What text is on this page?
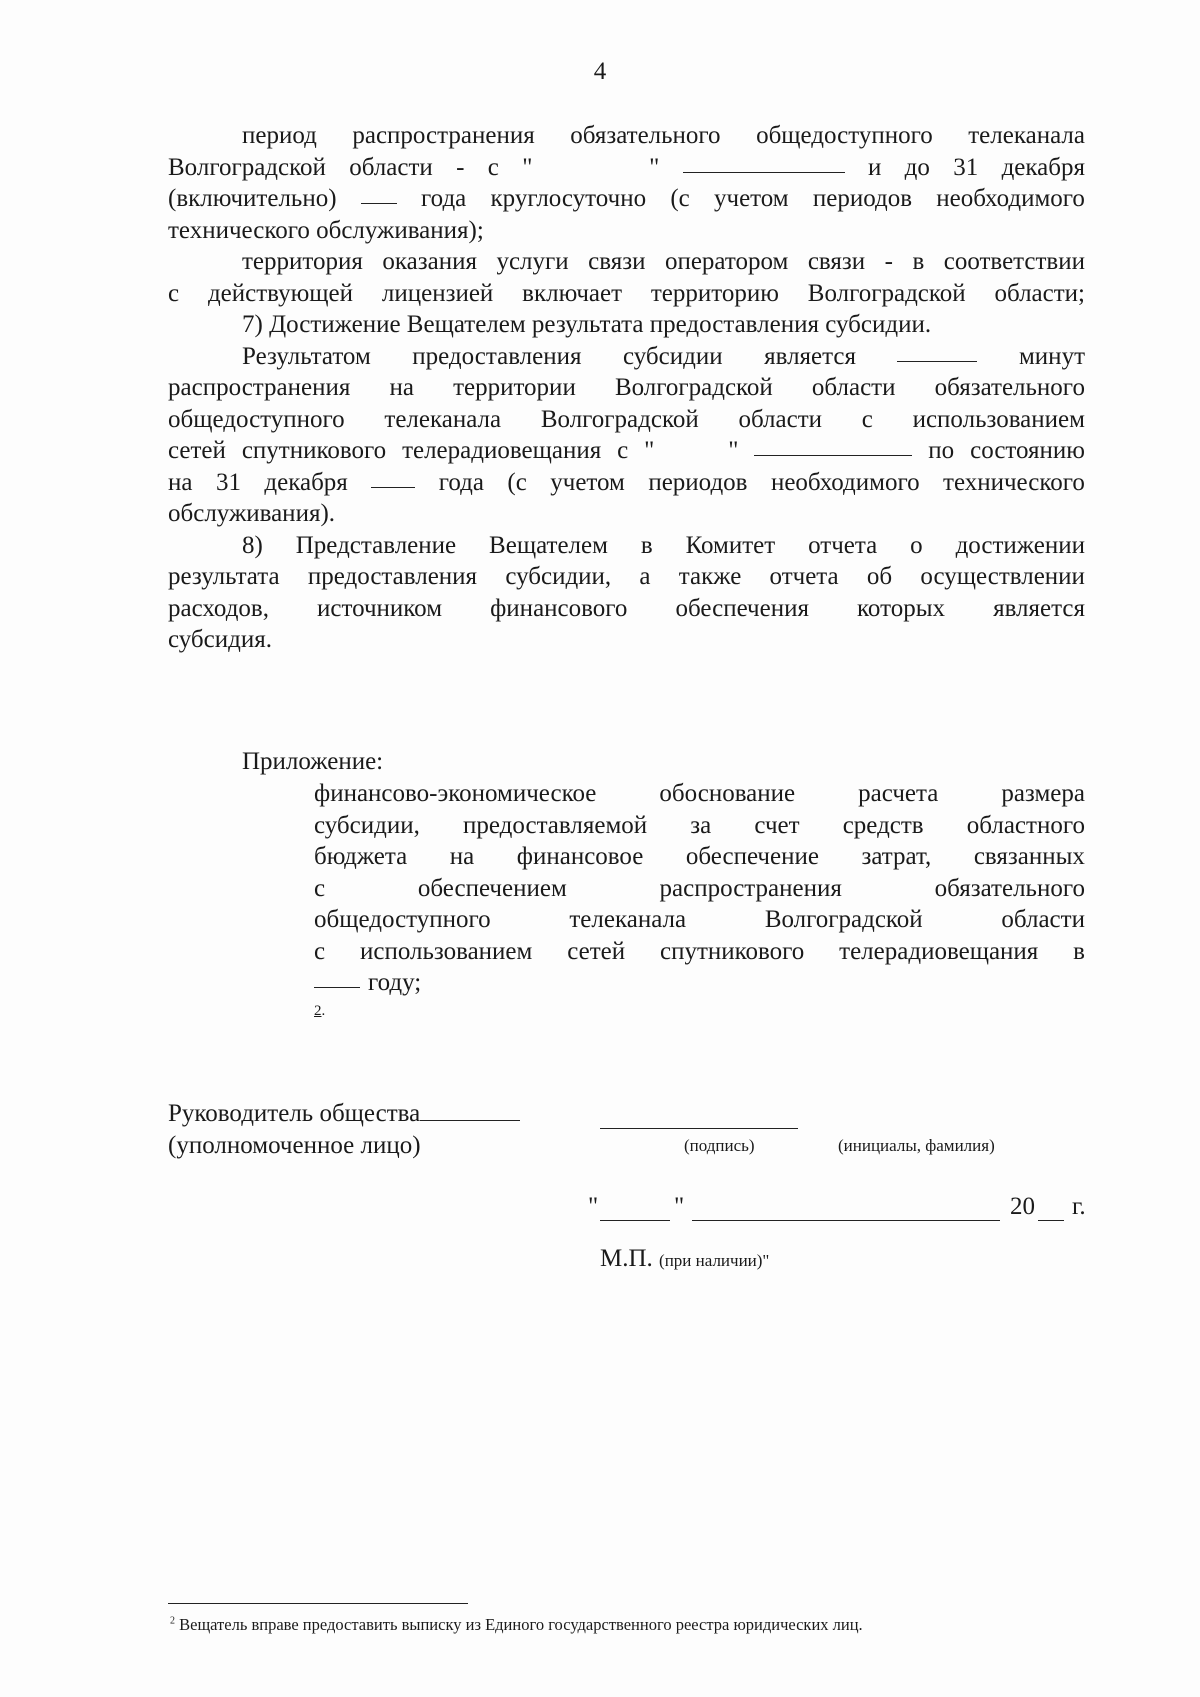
4
период распространения обязательного общедоступного телеканала
Волгоградской области - с "	"	и до 31 декабря
(включительно)	года круглосуточно (с учетом периодов необходимого
технического обслуживания);
территория оказания услуги связи оператором связи - в соответствии
с действующей лицензией включает территорию Волгоградской области;
7) Достижение Вещателем результата предоставления субсидии.
Результатом предоставления субсидии является	минут
распространения на территории Волгоградской области обязательного
общедоступного телеканала Волгоградской области с использованием
сетей спутникового телерадиовещания с "	"	по состоянию
на 31 декабря	года (с учетом периодов необходимого технического
обслуживания).
8) Представление Вещателем в Комитет отчета о достижении
результата предоставления субсидии, а также отчета об осуществлении
расходов, источником финансового обеспечения которых является
субсидия.
Приложение:
финансово-экономическое	обоснование	расчета	размера
субсидии, предоставляемой за счет средств областного
бюджета на финансовое обеспечение затрат, связанных
с	обеспечением	распространения	обязательного
общедоступного	телеканала	Волгоградской	области
с использованием сетей спутникового телерадиовещания в
году;
2.
Руководитель общества
(уполномоченное лицо)	(подпись)	(инициалы, фамилия)
"	"	20 г.
М.П. (при наличии)"
$^2$ Вещатель вправе предоставить выписку из Единого государственного реестра юридических лиц.
